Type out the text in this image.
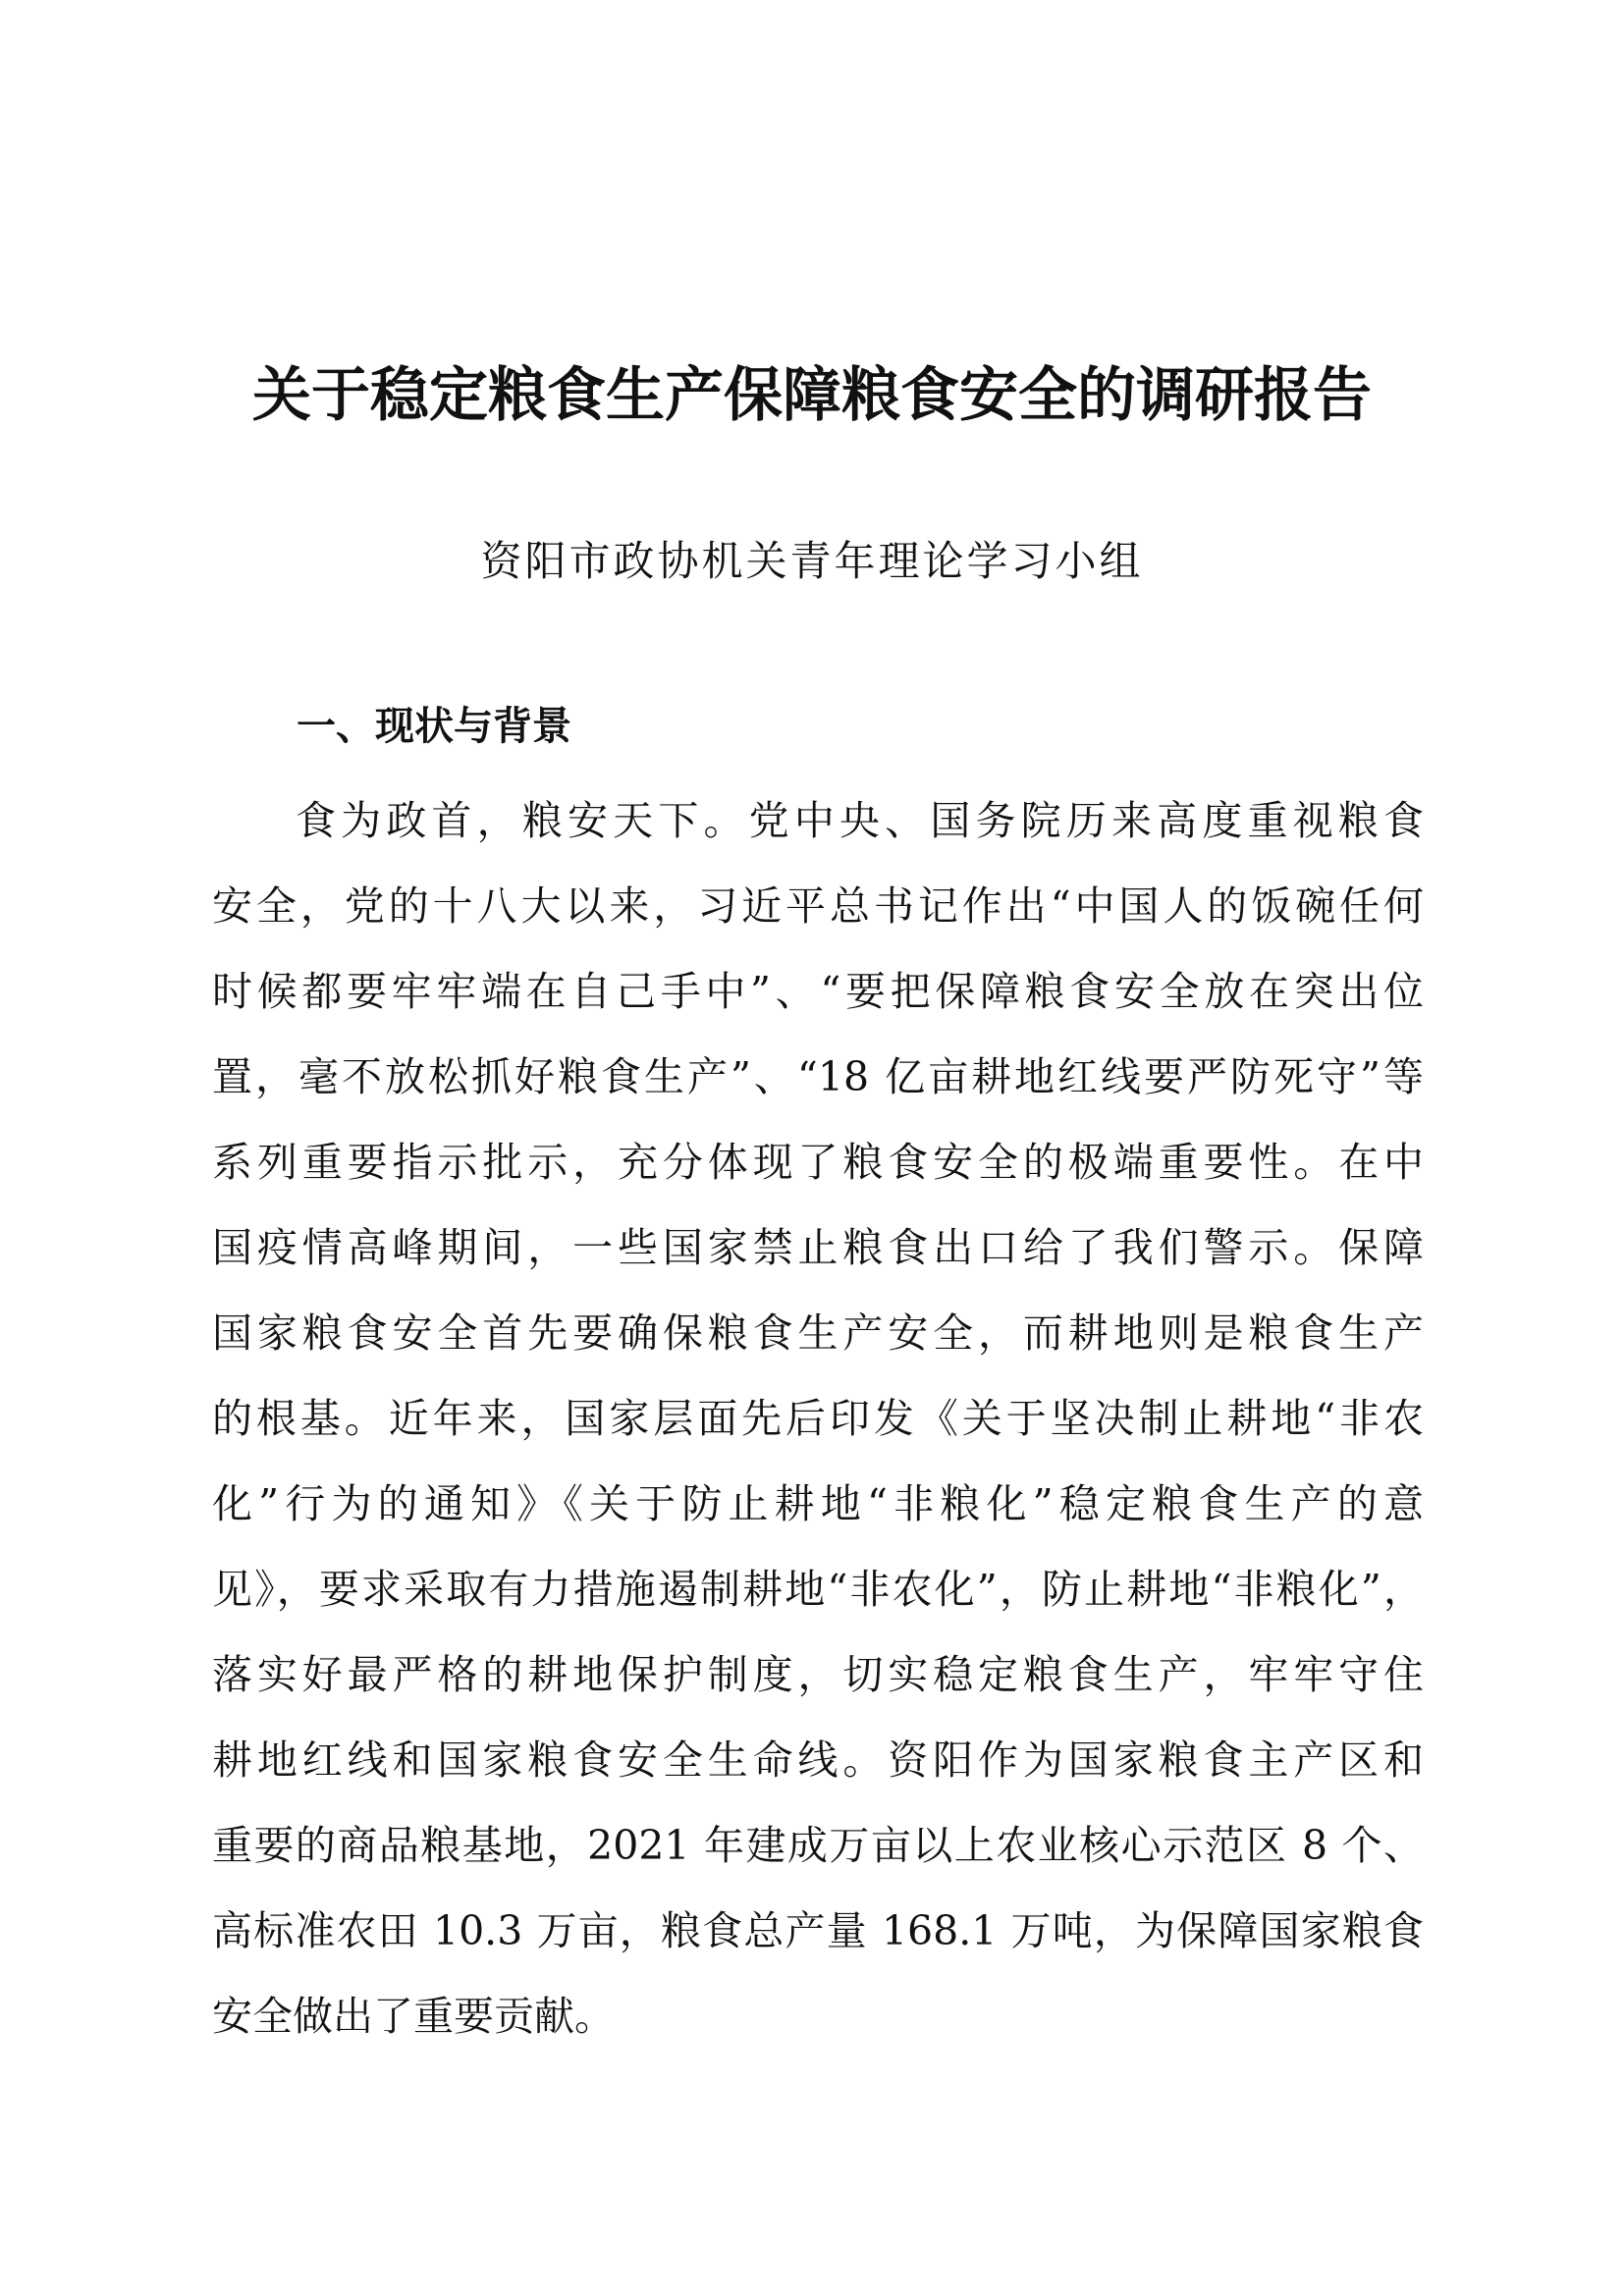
关于稳定粮食生产保障粮食安全的调研报告
资阳市政协机关青年理论学习小组
一、现状与背景
食为政首，粮安天下。党中央、国务院历来高度重视粮食
安全，党的十八大以来，习近平总书记作出“中国人的饭碗任何
时候都要牢牢端在自己手中”、“要把保障粮食安全放在突出位
置，毫不放松抓好粮食生产”、“18 亿亩耕地红线要严防死守”等
系列重要指示批示，充分体现了粮食安全的极端重要性。在中
国疫情高峰期间，一些国家禁止粮食出口给了我们警示。保障
国家粮食安全首先要确保粮食生产安全，而耕地则是粮食生产
的根基。近年来，国家层面先后印发《关于坚决制止耕地“非农
化”行为的通知》《关于防止耕地“非粮化”稳定粮食生产的意
见》，要求采取有力措施遏制耕地“非农化”，防止耕地“非粮化”，
落实好最严格的耕地保护制度，切实稳定粮食生产，牢牢守住
耕地红线和国家粮食安全生命线。资阳作为国家粮食主产区和
重要的商品粮基地，2021 年建成万亩以上农业核心示范区 8 个、
高标准农田 10.3 万亩，粮食总产量 168.1 万吨，为保障国家粮食
安全做出了重要贡献。
